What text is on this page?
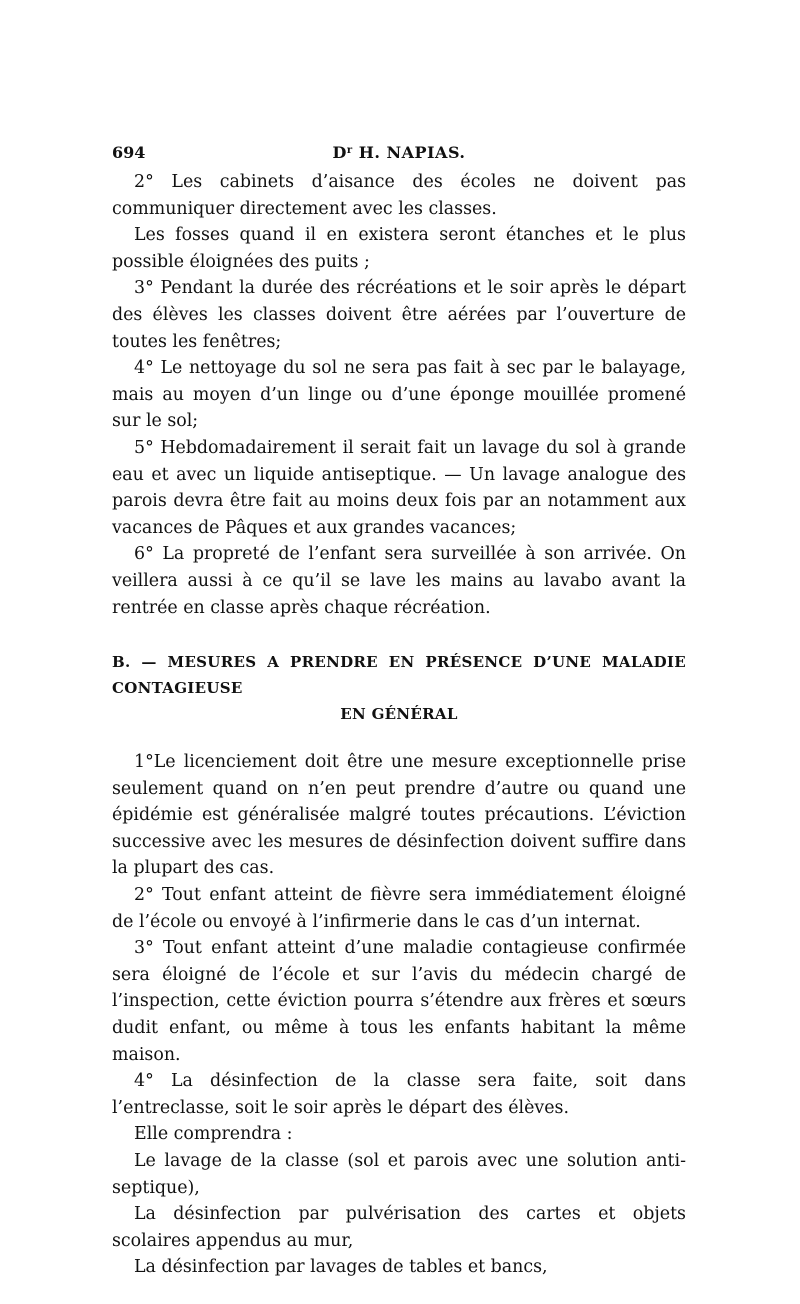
694	$D^r$ H. NAPIAS.

2° Les cabinets d’aisance des écoles ne doivent pas communiquer directement avec les classes.

Les fosses quand il en existera seront étanches et le plus possible éloignées des puits ;

3° Pendant la durée des récréations et le soir après le départ des élèves les classes doivent être aérées par l’ouverture de toutes les fenêtres;

4° Le nettoyage du sol ne sera pas fait à sec par le balayage, mais au moyen d’un linge ou d’une éponge mouillée promené sur le sol;

5° Hebdomadairement il serait fait un lavage du sol à grande eau et avec un liquide antiseptique. — Un lavage analogue des parois devra être fait au moins deux fois par an notamment aux vacances de Pâques et aux grandes vacances;

6° La propreté de l’enfant sera surveillée à son arrivée. On veillera aussi à ce qu’il se lave les mains au lavabo avant la rentrée en classe après chaque récréation.

B. — MESURES A PRENDRE EN PRÉSENCE D’UNE MALADIE CONTAGIEUSE
EN GÉNÉRAL

1°Le licenciement doit être une mesure exceptionnelle prise seulement quand on n’en peut prendre d’autre ou quand une épidémie est généralisée malgré toutes précautions. L’éviction successive avec les mesures de désinfection doivent suffire dans la plupart des cas.

2° Tout enfant atteint de fièvre sera immédiatement éloigné de l’école ou envoyé à l’infirmerie dans le cas d’un internat.

3° Tout enfant atteint d’une maladie contagieuse confirmée sera éloigné de l’école et sur l’avis du médecin chargé de l’inspection, cette éviction pourra s’étendre aux frères et sœurs dudit enfant, ou même à tous les enfants habitant la même maison.

4° La désinfection de la classe sera faite, soit dans l’entreclasse, soit le soir après le départ des élèves.

Elle comprendra :

Le lavage de la classe (sol et parois avec une solution antiseptique),

La désinfection par pulvérisation des cartes et objets scolaires appendus au mur,

La désinfection par lavages de tables et bancs,
